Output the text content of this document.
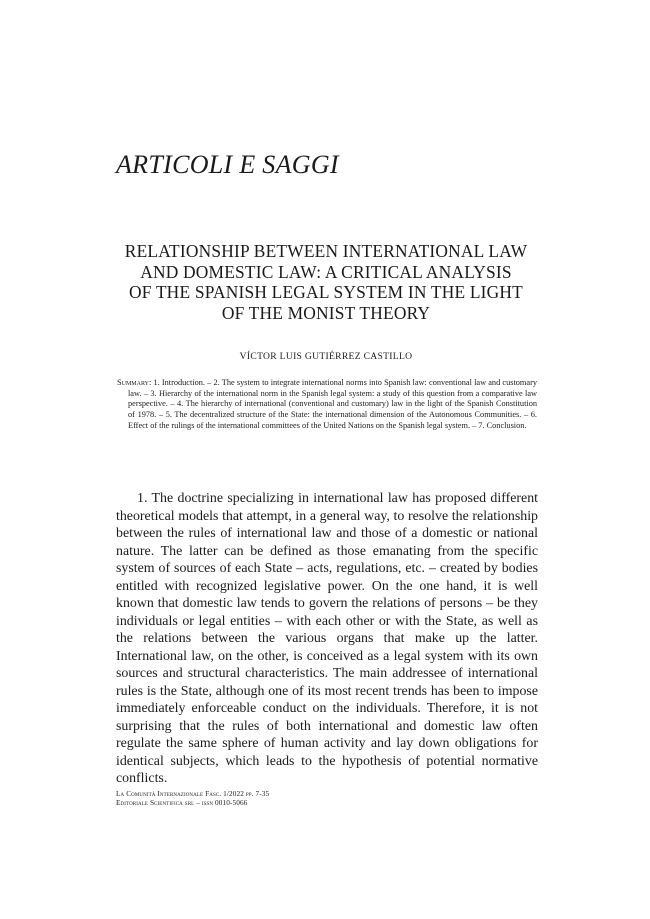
ARTICOLI E SAGGI
RELATIONSHIP BETWEEN INTERNATIONAL LAW
AND DOMESTIC LAW: A CRITICAL ANALYSIS
OF THE SPANISH LEGAL SYSTEM IN THE LIGHT
OF THE MONIST THEORY
VÍCTOR LUIS GUTIÉRREZ CASTILLO
Summary: 1. Introduction. – 2. The system to integrate international norms into Spanish law: conventional law and customary law. – 3. Hierarchy of the international norm in the Spanish legal system: a study of this question from a comparative law perspective. – 4. The hierarchy of international (conventional and customary) law in the light of the Spanish Constitution of 1978. – 5. The decentralized structure of the State: the international dimension of the Autonomous Communities. – 6. Effect of the rulings of the international committees of the United Nations on the Spanish legal system. – 7. Conclusion.

1. The doctrine specializing in international law has proposed different theoretical models that attempt, in a general way, to resolve the relationship between the rules of international law and those of a domestic or national nature. The latter can be defined as those emanating from the specific system of sources of each State – acts, regulations, etc. – created by bodies entitled with recognized legislative power. On the one hand, it is well known that domestic law tends to govern the relations of persons – be they individuals or legal entities – with each other or with the State, as well as the relations between the various organs that make up the latter. International law, on the other, is conceived as a legal system with its own sources and structural characteristics. The main addressee of international rules is the State, although one of its most recent trends has been to impose immediately enforceable conduct on the individuals. Therefore, it is not surprising that the rules of both international and domestic law often regulate the same sphere of human activity and lay down obligations for identical subjects, which leads to the hypothesis of potential normative conflicts.

La Comunità Internazionale Fasc. 1/2022 pp. 7-35
Editoriale Scientifica srl – issn 0010-5066
